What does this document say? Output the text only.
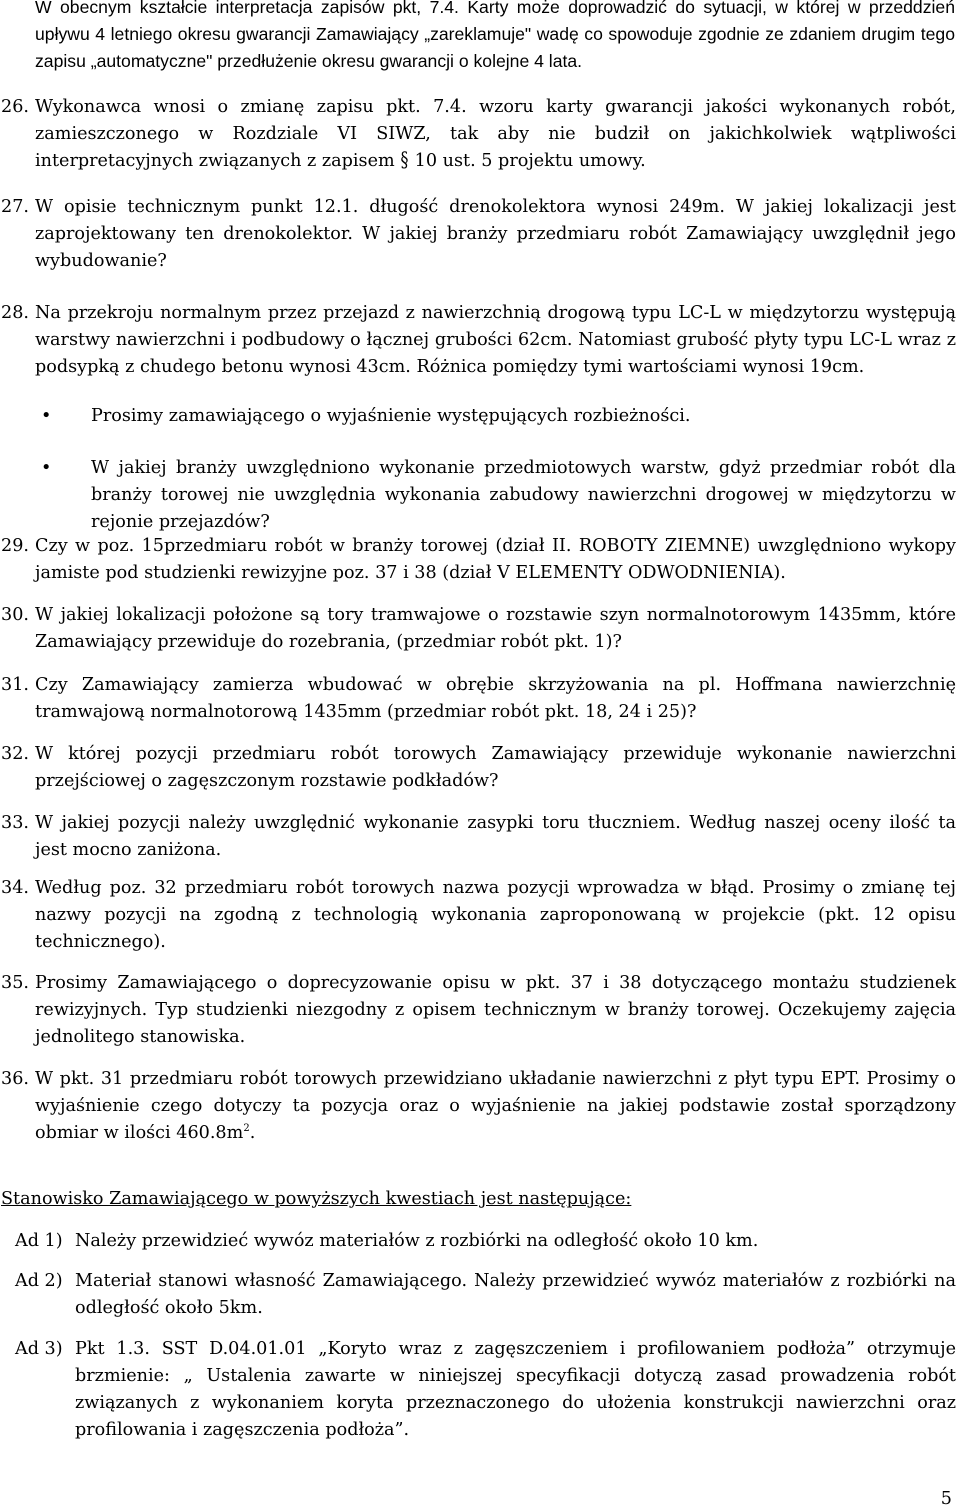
W obecnym kształcie interpretacja zapisów pkt, 7.4. Karty może doprowadzić do sytuacji, w której w przeddzień upływu 4 letniego okresu gwarancji Zamawiający „zareklamuje" wadę co spowoduje zgodnie ze zdaniem drugim tego zapisu „automatyczne" przedłużenie okresu gwarancji o kolejne 4 lata.

26. Wykonawca wnosi o zmianę zapisu pkt. 7.4. wzoru karty gwarancji jakości wykonanych robót, zamieszczonego w Rozdziale VI SIWZ, tak aby nie budził on jakichkolwiek wątpliwości interpretacyjnych związanych z zapisem § 10 ust. 5 projektu umowy.

27. W opisie technicznym punkt 12.1. długość drenokolektora wynosi 249m. W jakiej lokalizacji jest zaprojektowany ten drenokolektor. W jakiej branży przedmiaru robót Zamawiający uwzględnił jego wybudowanie?

28. Na przekroju normalnym przez przejazd z nawierzchnią drogową typu LC-L w międzytorzu występują warstwy nawierzchni i podbudowy o łącznej grubości 62cm. Natomiast grubość płyty typu LC-L wraz z podsypką z chudego betonu wynosi 43cm. Różnica pomiędzy tymi wartościami wynosi 19cm.

• Prosimy zamawiającego o wyjaśnienie występujących rozbieżności.

• W jakiej branży uwzględniono wykonanie przedmiotowych warstw, gdyż przedmiar robót dla branży torowej nie uwzględnia wykonania zabudowy nawierzchni drogowej w międzytorzu w rejonie przejazdów?

29. Czy w poz. 15przedmiaru robót w branży torowej (dział II. ROBOTY ZIEMNE) uwzględniono wykopy jamiste pod studzienki rewizyjne poz. 37 i 38 (dział V ELEMENTY ODWODNIENIA).

30. W jakiej lokalizacji położone są tory tramwajowe o rozstawie szyn normalnotorowym 1435mm, które Zamawiający przewiduje do rozebrania, (przedmiar robót pkt. 1)?

31. Czy Zamawiający zamierza wbudować w obrębie skrzyżowania na pl. Hoffmana nawierzchnię tramwajową normalnotorową 1435mm (przedmiar robót pkt. 18, 24 i 25)?

32. W której pozycji przedmiaru robót torowych Zamawiający przewiduje wykonanie nawierzchni przejściowej o zagęszczonym rozstawie podkładów?

33. W jakiej pozycji należy uwzględnić wykonanie zasypki toru tłuczniem. Według naszej oceny ilość ta jest mocno zaniżona.

34. Według poz. 32 przedmiaru robót torowych nazwa pozycji wprowadza w błąd. Prosimy o zmianę tej nazwy pozycji na zgodną z technologią wykonania zaproponowaną w projekcie (pkt. 12 opisu technicznego).

35. Prosimy Zamawiającego o doprecyzowanie opisu w pkt. 37 i 38 dotyczącego montażu studzienek rewizyjnych. Typ studzienki niezgodny z opisem technicznym w branży torowej. Oczekujemy zajęcia jednolitego stanowiska.

36. W pkt. 31 przedmiaru robót torowych przewidziano układanie nawierzchni z płyt typu EPT. Prosimy o wyjaśnienie czego dotyczy ta pozycja oraz o wyjaśnienie na jakiej podstawie został sporządzony obmiar w ilości $460.8m^2$.

Stanowisko Zamawiającego w powyższych kwestiach jest następujące:

Ad 1) Należy przewidzieć wywóz materiałów z rozbiórki na odległość około 10 km.

Ad 2) Materiał stanowi własność Zamawiającego. Należy przewidzieć wywóz materiałów z rozbiórki na odległość około 5km.

Ad 3) Pkt 1.3. SST D.04.01.01 „Koryto wraz z zagęszczeniem i profilowaniem podłoża” otrzymuje brzmienie: „ Ustalenia zawarte w niniejszej specyfikacji dotyczą zasad prowadzenia robót związanych z wykonaniem koryta przeznaczonego do ułożenia konstrukcji nawierzchni oraz profilowania i zagęszczenia podłoża”.

5
